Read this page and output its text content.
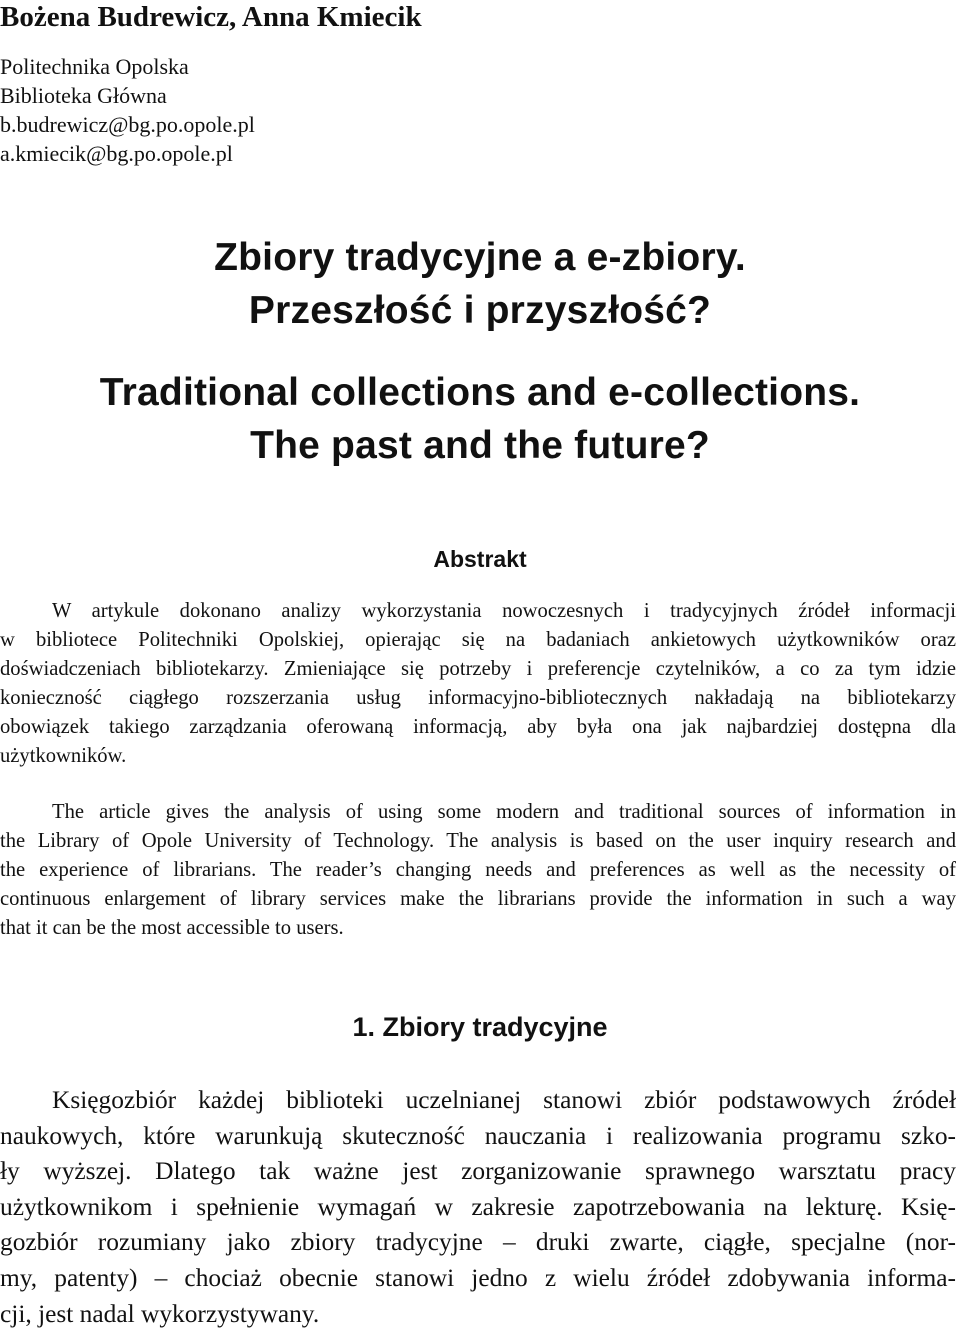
Bożena Budrewicz, Anna Kmiecik
Politechnika Opolska
Biblioteka Główna
b.budrewicz@bg.po.opole.pl
a.kmiecik@bg.po.opole.pl
Zbiory tradycyjne a e-zbiory.
Przeszłość i przyszłość?
Traditional collections and e-collections.
The past and the future?
Abstrakt
W artykule dokonano analizy wykorzystania nowoczesnych i tradycyjnych źródeł informacji
w bibliotece Politechniki Opolskiej, opierając się na badaniach ankietowych użytkowników oraz
doświadczeniach bibliotekarzy. Zmieniające się potrzeby i preferencje czytelników, a co za tym idzie
konieczność ciągłego rozszerzania usług informacyjno-bibliotecznych nakładają na bibliotekarzy
obowiązek takiego zarządzania oferowaną informacją, aby była ona jak najbardziej dostępna dla
użytkowników.
The article gives the analysis of using some modern and traditional sources of information in
the Library of Opole University of Technology. The analysis is based on the user inquiry research and
the experience of librarians. The reader’s changing needs and preferences as well as the necessity of
continuous enlargement of library services make the librarians provide the information in such a way
that it can be the most accessible to users.
1. Zbiory tradycyjne
Księgozbiór każdej biblioteki uczelnianej stanowi zbiór podstawowych źródeł
naukowych, które warunkują skuteczność nauczania i realizowania programu szko-
ły wyższej. Dlatego tak ważne jest zorganizowanie sprawnego warsztatu pracy
użytkownikom i spełnienie wymagań w zakresie zapotrzebowania na lekturę. Księ-
gozbiór rozumiany jako zbiory tradycyjne – druki zwarte, ciągłe, specjalne (nor-
my, patenty) – chociaż obecnie stanowi jedno z wielu źródeł zdobywania informa-
cji, jest nadal wykorzystywany.
